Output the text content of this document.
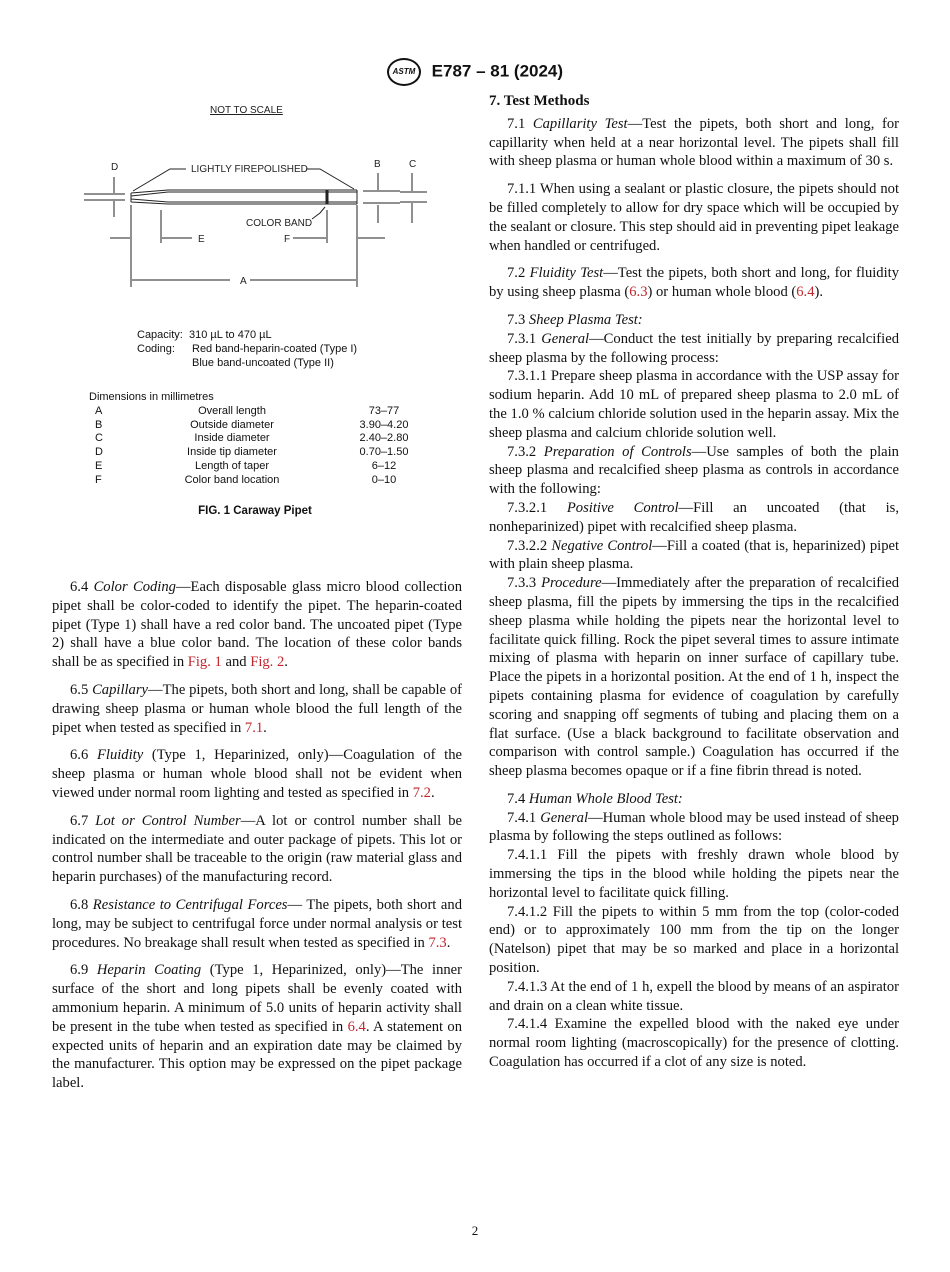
ASTM E787 – 81 (2024)
NOT TO SCALE
LIGHTLY FIREPOLISHED
COLOR BAND
D	B	C
E	F
A
Capacity: 310 µL to 470 µL
Coding: Red band-heparin-coated (Type I)
Blue band-uncoated (Type II)
Dimensions in millimetres
A	Overall length	73–77
B	Outside diameter	3.90–4.20
C	Inside diameter	2.40–2.80
D	Inside tip diameter	0.70–1.50
E	Length of taper	6–12
F	Color band location	0–10
FIG. 1 Caraway Pipet

6.4 Color Coding—Each disposable glass micro blood collection pipet shall be color-coded to identify the pipet. The heparin-coated pipet (Type 1) shall have a red color band. The uncoated pipet (Type 2) shall have a blue color band. The location of these color bands shall be as specified in Fig. 1 and Fig. 2.

6.5 Capillary—The pipets, both short and long, shall be capable of drawing sheep plasma or human whole blood the full length of the pipet when tested as specified in 7.1.

6.6 Fluidity (Type 1, Heparinized, only)—Coagulation of the sheep plasma or human whole blood shall not be evident when viewed under normal room lighting and tested as specified in 7.2.

6.7 Lot or Control Number—A lot or control number shall be indicated on the intermediate and outer package of pipets. This lot or control number shall be traceable to the origin (raw material glass and heparin purchases) of the manufacturing record.

6.8 Resistance to Centrifugal Forces— The pipets, both short and long, may be subject to centrifugal force under normal analysis or test procedures. No breakage shall result when tested as specified in 7.3.

6.9 Heparin Coating (Type 1, Heparinized, only)—The inner surface of the short and long pipets shall be evenly coated with ammonium heparin. A minimum of 5.0 units of heparin activity shall be present in the tube when tested as specified in 6.4. A statement on expected units of heparin and an expiration date may be claimed by the manufacturer. This option may be expressed on the pipet package label.

7. Test Methods

7.1 Capillarity Test—Test the pipets, both short and long, for capillarity when held at a near horizontal level. The pipets shall fill with sheep plasma or human whole blood within a maximum of 30 s.

7.1.1 When using a sealant or plastic closure, the pipets should not be filled completely to allow for dry space which will be occupied by the sealant or closure. This step should aid in preventing pipet leakage when handled or centrifuged.

7.2 Fluidity Test—Test the pipets, both short and long, for fluidity by using sheep plasma (6.3) or human whole blood (6.4).

7.3 Sheep Plasma Test:

7.3.1 General—Conduct the test initially by preparing recalcified sheep plasma by the following process:

7.3.1.1 Prepare sheep plasma in accordance with the USP assay for sodium heparin. Add 10 mL of prepared sheep plasma to 2.0 mL of the 1.0 % calcium chloride solution used in the heparin assay. Mix the sheep plasma and calcium chloride solution well.

7.3.2 Preparation of Controls—Use samples of both the plain sheep plasma and recalcified sheep plasma as controls in accordance with the following:

7.3.2.1 Positive Control—Fill an uncoated (that is, nonheparinized) pipet with recalcified sheep plasma.

7.3.2.2 Negative Control—Fill a coated (that is, heparinized) pipet with plain sheep plasma.

7.3.3 Procedure—Immediately after the preparation of recalcified sheep plasma, fill the pipets by immersing the tips in the recalcified sheep plasma while holding the pipets near the horizontal level to facilitate quick filling. Rock the pipet several times to assure intimate mixing of plasma with heparin on inner surface of capillary tube. Place the pipets in a horizontal position. At the end of 1 h, inspect the pipets containing plasma for evidence of coagulation by carefully scoring and snapping off segments of tubing and placing them on a flat surface. (Use a black background to facilitate observation and comparison with control sample.) Coagulation has occurred if the sheep plasma becomes opaque or if a fine fibrin thread is noted.

7.4 Human Whole Blood Test:

7.4.1 General—Human whole blood may be used instead of sheep plasma by following the steps outlined as follows:

7.4.1.1 Fill the pipets with freshly drawn whole blood by immersing the tips in the blood while holding the pipets near the horizontal level to facilitate quick filling.

7.4.1.2 Fill the pipets to within 5 mm from the top (color-coded end) or to approximately 100 mm from the tip on the longer (Natelson) pipet that may be so marked and place in a horizontal position.

7.4.1.3 At the end of 1 h, expell the blood by means of an aspirator and drain on a clean white tissue.

7.4.1.4 Examine the expelled blood with the naked eye under normal room lighting (macroscopically) for the presence of clotting. Coagulation has occurred if a clot of any size is noted.

2
